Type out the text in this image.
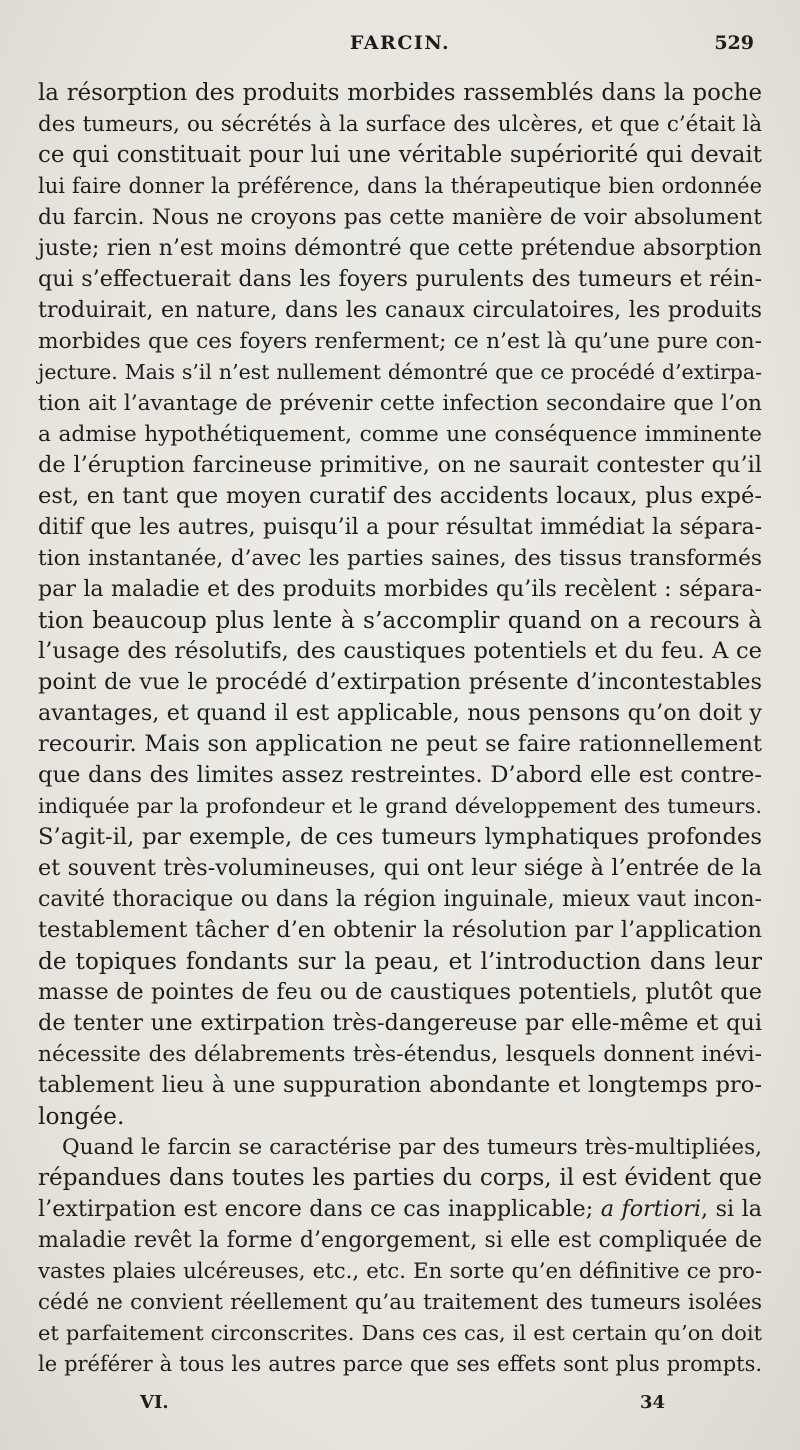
FARCIN.	529
la résorption des produits morbides rassemblés dans la poche
des tumeurs, ou sécrétés à la surface des ulcères, et que c’était là
ce qui constituait pour lui une véritable supériorité qui devait
lui faire donner la préférence, dans la thérapeutique bien ordonnée
du farcin. Nous ne croyons pas cette manière de voir absolument
juste; rien n’est moins démontré que cette prétendue absorption
qui s’effectuerait dans les foyers purulents des tumeurs et réin-
troduirait, en nature, dans les canaux circulatoires, les produits
morbides que ces foyers renferment; ce n’est là qu’une pure con-
jecture. Mais s’il n’est nullement démontré que ce procédé d’extirpa-
tion ait l’avantage de prévenir cette infection secondaire que l’on
a admise hypothétiquement, comme une conséquence imminente
de l’éruption farcineuse primitive, on ne saurait contester qu’il
est, en tant que moyen curatif des accidents locaux, plus expé-
ditif que les autres, puisqu’il a pour résultat immédiat la sépara-
tion instantanée, d’avec les parties saines, des tissus transformés
par la maladie et des produits morbides qu’ils recèlent : sépara-
tion beaucoup plus lente à s’accomplir quand on a recours à
l’usage des résolutifs, des caustiques potentiels et du feu. A ce
point de vue le procédé d’extirpation présente d’incontestables
avantages, et quand il est applicable, nous pensons qu’on doit y
recourir. Mais son application ne peut se faire rationnellement
que dans des limites assez restreintes. D’abord elle est contre-
indiquée par la profondeur et le grand développement des tumeurs.
S’agit-il, par exemple, de ces tumeurs lymphatiques profondes
et souvent très-volumineuses, qui ont leur siége à l’entrée de la
cavité thoracique ou dans la région inguinale, mieux vaut incon-
testablement tâcher d’en obtenir la résolution par l’application
de topiques fondants sur la peau, et l’introduction dans leur
masse de pointes de feu ou de caustiques potentiels, plutôt que
de tenter une extirpation très-dangereuse par elle-même et qui
nécessite des délabrements très-étendus, lesquels donnent inévi-
tablement lieu à une suppuration abondante et longtemps pro-
longée.
Quand le farcin se caractérise par des tumeurs très-multipliées,
répandues dans toutes les parties du corps, il est évident que
l’extirpation est encore dans ce cas inapplicable; a fortiori, si la
maladie revêt la forme d’engorgement, si elle est compliquée de
vastes plaies ulcéreuses, etc., etc. En sorte qu’en définitive ce pro-
cédé ne convient réellement qu’au traitement des tumeurs isolées
et parfaitement circonscrites. Dans ces cas, il est certain qu’on doit
le préférer à tous les autres parce que ses effets sont plus prompts.
VI.	34
